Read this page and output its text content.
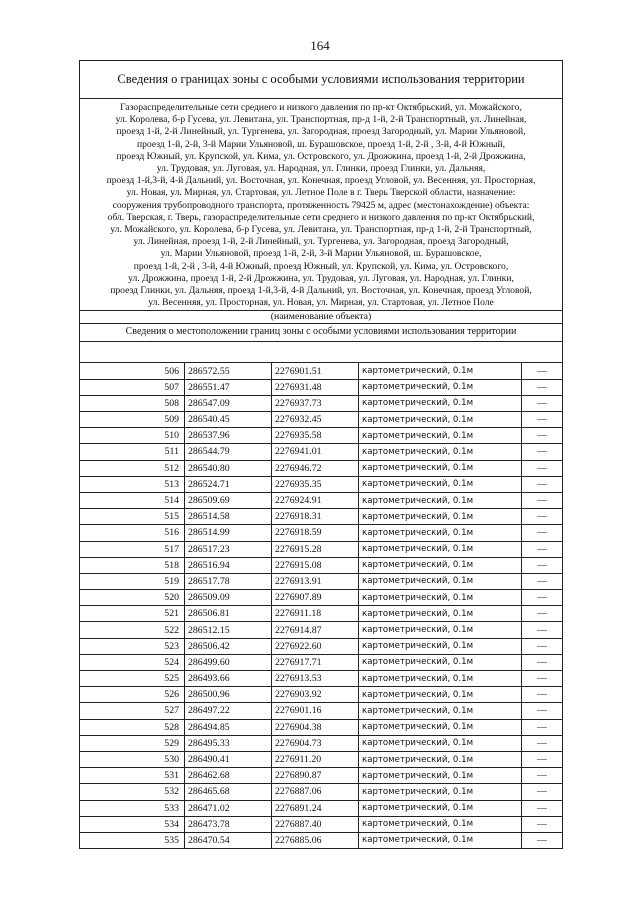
164
Сведения о границах зоны с особыми условиями использования территории
Газораспределительные сети среднего и низкого давления по пр-кт Октябрьский, ул. Можайского,
ул. Королева, б-р Гусева, ул. Левитана, ул. Транспортная, пр-д 1-й, 2-й Транспортный, ул. Линейная,
проезд 1-й, 2-й Линейный, ул. Тургенева, ул. Загородная, проезд Загородный, ул. Марии Ульяновой,
проезд 1-й, 2-й, 3-й Марии Ульяновой, ш. Бурашовское, проезд 1-й, 2-й , 3-й, 4-й Южный,
проезд Южный, ул. Крупской, ул. Кима, ул. Островского, ул. Дрожжина, проезд 1-й, 2-й Дрожжина,
ул. Трудовая, ул. Луговая, ул. Народная, ул. Глинки, проезд Глинки, ул. Дальняя,
проезд 1-й,3-й, 4-й Дальний, ул. Восточная, ул. Конечная, проезд Угловой, ул. Весенняя, ул. Просторная,
ул. Новая, ул. Мирная, ул. Стартовая, ул. Летное Поле в г. Тверь Тверской области, назначение:
сооружения трубопроводного транспорта, протяженность 79425 м, адрес (местонахождение) объекта:
обл. Тверская, г. Тверь, газораспределительные сети среднего и низкого давления по пр-кт Октябрьский,
ул. Можайского, ул. Королева, б-р Гусева, ул. Левитана, ул. Транспортная, пр-д 1-й, 2-й Транспортный,
ул. Линейная, проезд 1-й, 2-й Линейный, ул. Тургенева, ул. Загородная, проезд Загородный,
ул. Марии Ульяновой, проезд 1-й, 2-й, 3-й Марии Ульяновой, ш. Бурашовское,
проезд 1-й, 2-й , 3-й, 4-й Южный, проезд Южный, ул. Крупской, ул. Кима, ул. Островского,
ул. Дрожжина, проезд 1-й, 2-й Дрожжина, ул. Трудовая, ул. Луговая, ул. Народная, ул. Глинки,
проезд Глинки, ул. Дальняя, проезд 1-й,3-й, 4-й Дальний, ул. Восточная, ул. Конечная, проезд Угловой,
ул. Весенняя, ул. Просторная, ул. Новая, ул. Мирная, ул. Стартовая, ул. Летное Поле
(наименование объекта)
Сведения о местоположении границ зоны с особыми условиями использования территории
506	286572.55	2276901.51	картометрический, 0.1м	—
507	286551.47	2276931.48	картометрический, 0.1м	—
508	286547.09	2276937.73	картометрический, 0.1м	—
509	286540.45	2276932.45	картометрический, 0.1м	—
510	286537.96	2276935.58	картометрический, 0.1м	—
511	286544.79	2276941.01	картометрический, 0.1м	—
512	286540.80	2276946.72	картометрический, 0.1м	—
513	286524.71	2276935.35	картометрический, 0.1м	—
514	286509.69	2276924.91	картометрический, 0.1м	—
515	286514.58	2276918.31	картометрический, 0.1м	—
516	286514.99	2276918.59	картометрический, 0.1м	—
517	286517.23	2276915.28	картометрический, 0.1м	—
518	286516.94	2276915.08	картометрический, 0.1м	—
519	286517.78	2276913.91	картометрический, 0.1м	—
520	286509.09	2276907.89	картометрический, 0.1м	—
521	286506.81	2276911.18	картометрический, 0.1м	—
522	286512.15	2276914.87	картометрический, 0.1м	—
523	286506.42	2276922.60	картометрический, 0.1м	—
524	286499.60	2276917.71	картометрический, 0.1м	—
525	286493.66	2276913.53	картометрический, 0.1м	—
526	286500.96	2276903.92	картометрический, 0.1м	—
527	286497.22	2276901.16	картометрический, 0.1м	—
528	286494.85	2276904.38	картометрический, 0.1м	—
529	286495.33	2276904.73	картометрический, 0.1м	—
530	286490.41	2276911.20	картометрический, 0.1м	—
531	286462.68	2276890.87	картометрический, 0.1м	—
532	286465.68	2276887.06	картометрический, 0.1м	—
533	286471.02	2276891.24	картометрический, 0.1м	—
534	286473.78	2276887.40	картометрический, 0.1м	—
535	286470.54	2276885.06	картометрический, 0.1м	—
